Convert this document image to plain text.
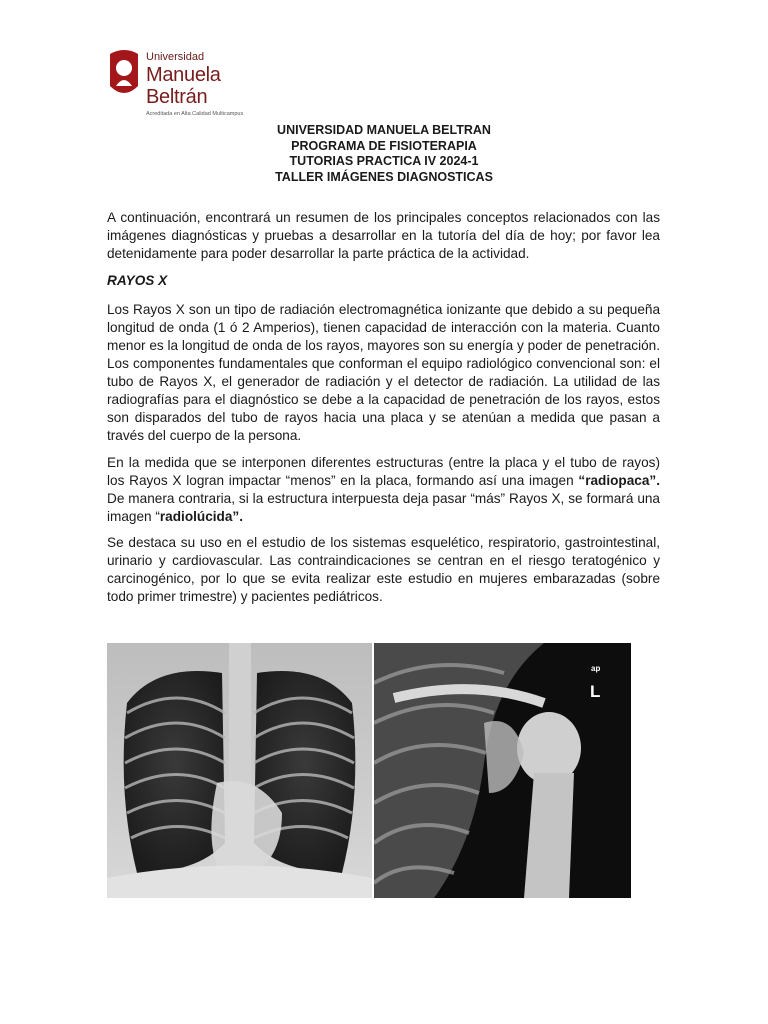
Universidad
Manuela Beltrán
Acreditada en Alta Calidad Multicampus
UNIVERSIDAD MANUELA BELTRAN
PROGRAMA DE FISIOTERAPIA
TUTORIAS PRACTICA IV 2024-1
TALLER IMÁGENES DIAGNOSTICAS

A continuación, encontrará un resumen de los principales conceptos relacionados con las imágenes diagnósticas y pruebas a desarrollar en la tutoría del día de hoy; por favor lea detenidamente para poder desarrollar la parte práctica de la actividad.

RAYOS X

Los Rayos X son un tipo de radiación electromagnética ionizante que debido a su pequeña longitud de onda (1 ó 2 Amperios), tienen capacidad de interacción con la materia. Cuanto menor es la longitud de onda de los rayos, mayores son su energía y poder de penetración. Los componentes fundamentales que conforman el equipo radiológico convencional son: el tubo de Rayos X, el generador de radiación y el detector de radiación. La utilidad de las radiografías para el diagnóstico se debe a la capacidad de penetración de los rayos, estos son disparados del tubo de rayos hacia una placa y se atenúan a medida que pasan a través del cuerpo de la persona.

En la medida que se interponen diferentes estructuras (entre la placa y el tubo de rayos) los Rayos X logran impactar “menos” en la placa, formando así una imagen “radiopaca”. De manera contraria, si la estructura interpuesta deja pasar “más” Rayos X, se formará una imagen “radiolúcida”.

Se destaca su uso en el estudio de los sistemas esquelético, respiratorio, gastrointestinal, urinario y cardiovascular. Las contraindicaciones se centran en el riesgo teratogénico y carcinogénico, por lo que se evita realizar este estudio en mujeres embarazadas (sobre todo primer trimestre) y pacientes pediátricos.

ap
L
